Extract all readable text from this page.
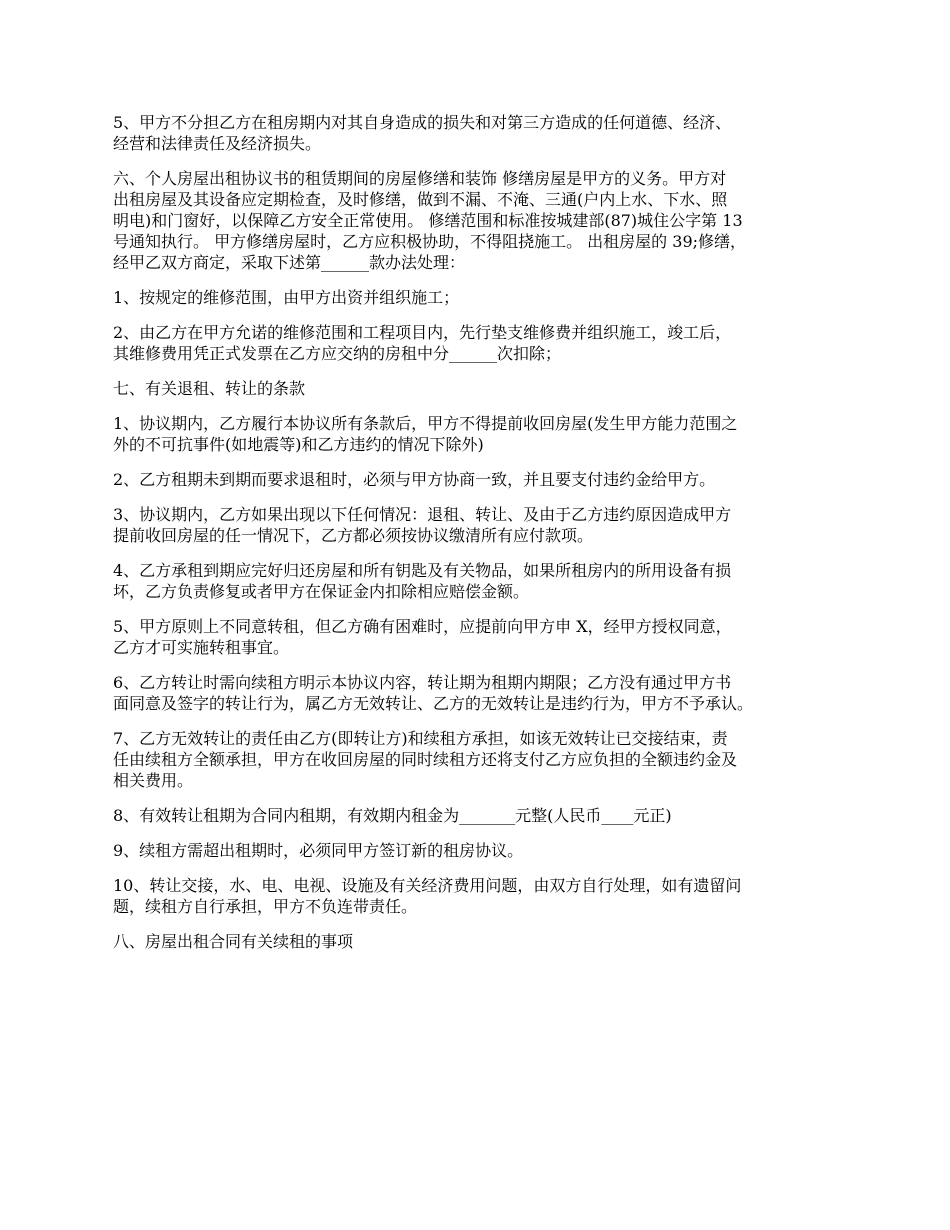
5、甲方不分担乙方在租房期内对其自身造成的损失和对第三方造成的任何道德、经济、
经营和法律责任及经济损失。
六、个人房屋出租协议书的租赁期间的房屋修缮和装饰 修缮房屋是甲方的义务。甲方对
出租房屋及其设备应定期检查，及时修缮，做到不漏、不淹、三通(户内上水、下水、照
明电)和门窗好，以保障乙方安全正常使用。 修缮范围和标准按城建部(87)城住公字第 13
号通知执行。 甲方修缮房屋时，乙方应积极协助，不得阻挠施工。 出租房屋的 39;修缮，
经甲乙双方商定，采取下述第______款办法处理：
1、按规定的维修范围，由甲方出资并组织施工；
2、由乙方在甲方允诺的维修范围和工程项目内，先行垫支维修费并组织施工，竣工后，
其维修费用凭正式发票在乙方应交纳的房租中分______次扣除；
七、有关退租、转让的条款
1、协议期内，乙方履行本协议所有条款后，甲方不得提前收回房屋(发生甲方能力范围之
外的不可抗事件(如地震等)和乙方违约的情况下除外)
2、乙方租期未到期而要求退租时，必须与甲方协商一致，并且要支付违约金给甲方。
3、协议期内，乙方如果出现以下任何情况：退租、转让、及由于乙方违约原因造成甲方
提前收回房屋的任一情况下，乙方都必须按协议缴清所有应付款项。
4、乙方承租到期应完好归还房屋和所有钥匙及有关物品，如果所租房内的所用设备有损
坏，乙方负责修复或者甲方在保证金内扣除相应赔偿金额。
5、甲方原则上不同意转租，但乙方确有困难时，应提前向甲方申 X，经甲方授权同意，
乙方才可实施转租事宜。
6、乙方转让时需向续租方明示本协议内容，转让期为租期内期限；乙方没有通过甲方书
面同意及签字的转让行为，属乙方无效转让、乙方的无效转让是违约行为，甲方不予承认。
7、乙方无效转让的责任由乙方(即转让方)和续租方承担，如该无效转让已交接结束，责
任由续租方全额承担，甲方在收回房屋的同时续租方还将支付乙方应负担的全额违约金及
相关费用。
8、有效转让租期为合同内租期，有效期内租金为_______元整(人民币____元正)
9、续租方需超出租期时，必须同甲方签订新的租房协议。
10、转让交接，水、电、电视、设施及有关经济费用问题，由双方自行处理，如有遗留问
题，续租方自行承担，甲方不负连带责任。
八、房屋出租合同有关续租的事项
